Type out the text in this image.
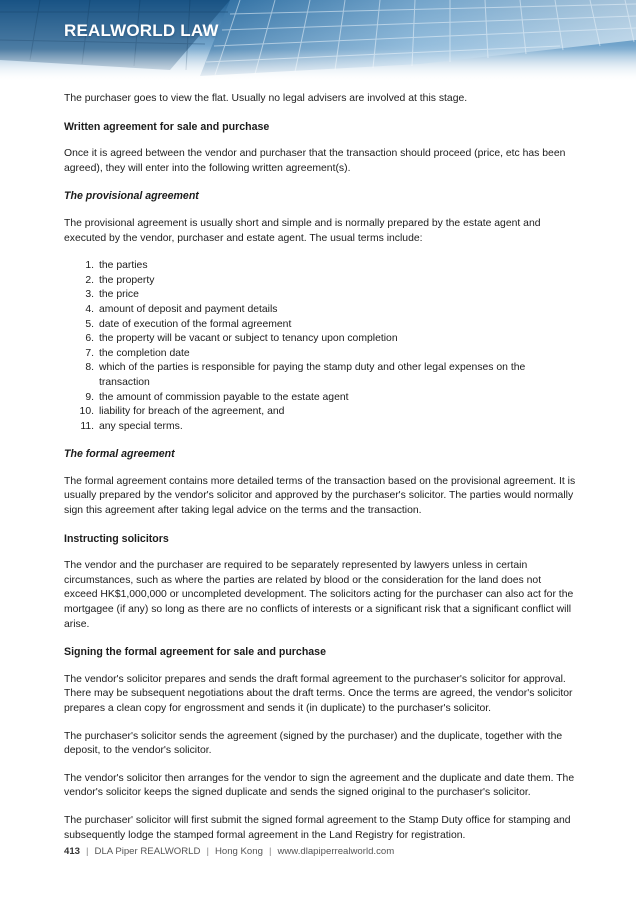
REALWORLD LAW

The purchaser goes to view the flat. Usually no legal advisers are involved at this stage.

Written agreement for sale and purchase

Once it is agreed between the vendor and purchaser that the transaction should proceed (price, etc has been agreed), they will enter into the following written agreement(s).

The provisional agreement

The provisional agreement is usually short and simple and is normally prepared by the estate agent and executed by the vendor, purchaser and estate agent. The usual terms include:

1. the parties
2. the property
3. the price
4. amount of deposit and payment details
5. date of execution of the formal agreement
6. the property will be vacant or subject to tenancy upon completion
7. the completion date
8. which of the parties is responsible for paying the stamp duty and other legal expenses on the transaction
9. the amount of commission payable to the estate agent
10. liability for breach of the agreement, and
11. any special terms.
The formal agreement

The formal agreement contains more detailed terms of the transaction based on the provisional agreement. It is usually prepared by the vendor's solicitor and approved by the purchaser's solicitor. The parties would normally sign this agreement after taking legal advice on the terms and the transaction.

Instructing solicitors

The vendor and the purchaser are required to be separately represented by lawyers unless in certain circumstances, such as where the parties are related by blood or the consideration for the land does not exceed HK$1,000,000 or uncompleted development. The solicitors acting for the purchaser can also act for the mortgagee (if any) so long as there are no conflicts of interests or a significant risk that a significant conflict will arise.

Signing the formal agreement for sale and purchase

The vendor's solicitor prepares and sends the draft formal agreement to the purchaser's solicitor for approval. There may be subsequent negotiations about the draft terms. Once the terms are agreed, the vendor's solicitor prepares a clean copy for engrossment and sends it (in duplicate) to the purchaser's solicitor.

The purchaser's solicitor sends the agreement (signed by the purchaser) and the duplicate, together with the deposit, to the vendor's solicitor.

The vendor's solicitor then arranges for the vendor to sign the agreement and the duplicate and date them. The vendor's solicitor keeps the signed duplicate and sends the signed original to the purchaser's solicitor.

The purchaser' solicitor will first submit the signed formal agreement to the Stamp Duty office for stamping and subsequently lodge the stamped formal agreement in the Land Registry for registration.

413 | DLA Piper REALWORLD | Hong Kong | www.dlapiperrealworld.com
